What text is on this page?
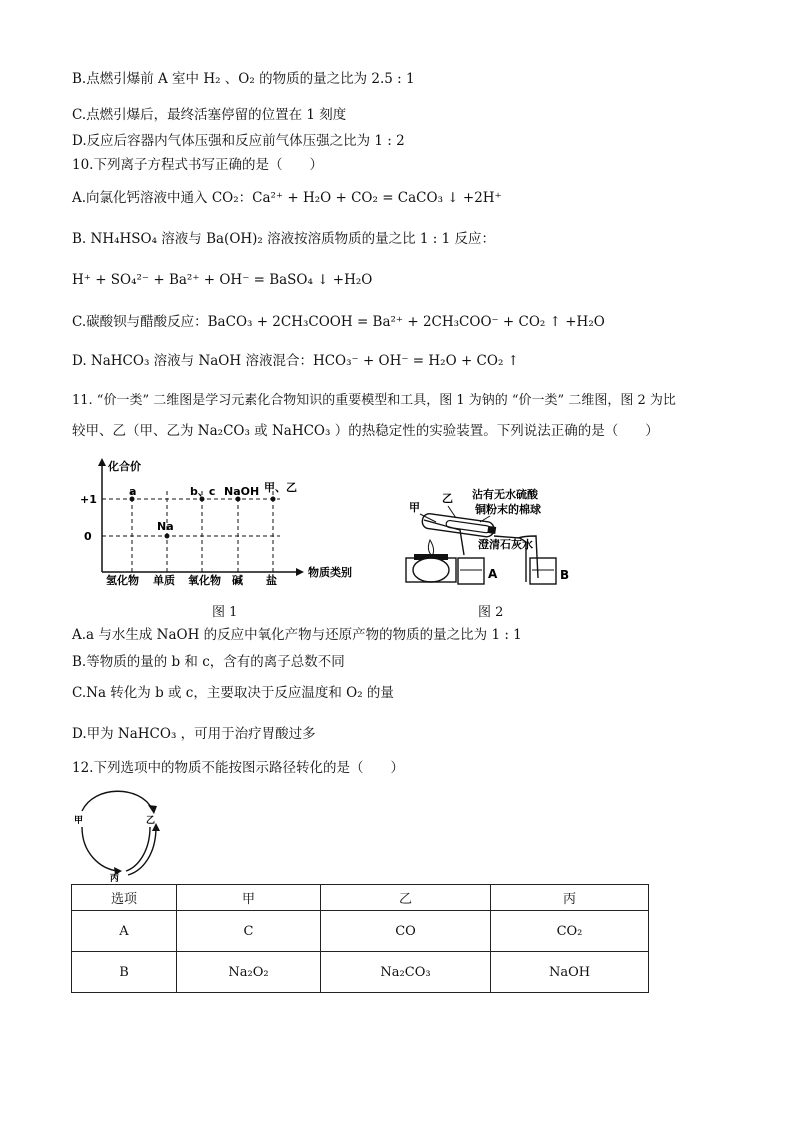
B.点燃引爆前 A 室中 H₂ 、O₂ 的物质的量之比为 2.5 : 1
C.点燃引爆后，最终活塞停留的位置在 1 刻度
D.反应后容器内气体压强和反应前气体压强之比为 1 : 2
10.下列离子方程式书写正确的是（　　）
A.向氯化钙溶液中通入 CO₂：Ca²⁺ + H₂O + CO₂ = CaCO₃ ↓ +2H⁺
B. NH₄HSO₄ 溶液与 Ba(OH)₂ 溶液按溶质物质的量之比 1 : 1 反应：
H⁺ + SO₄²⁻ + Ba²⁺ + OH⁻ = BaSO₄ ↓ +H₂O
C.碳酸钡与醋酸反应：BaCO₃ + 2CH₃COOH = Ba²⁺ + 2CH₃COO⁻ + CO₂ ↑ +H₂O
D. NaHCO₃ 溶液与 NaOH 溶液混合：HCO₃⁻ + OH⁻ = H₂O + CO₂ ↑
11. “价一类” 二维图是学习元素化合物知识的重要模型和工具，图 1 为钠的 “价一类” 二维图，图 2 为比
较甲、乙（甲、乙为 Na₂CO₃ 或 NaHCO₃ ）的热稳定性的实验装置。下列说法正确的是（　　）
化合价
物质类别
+1
0
a	b、c NaOH 甲、乙
Na
氢化物 单质 氧化物 碱 盐
图 1
甲
乙 沾有无水硫酸
铜粉末的棉球
澄清石灰水
A	B
图 2
A.a 与水生成 NaOH 的反应中氧化产物与还原产物的物质的量之比为 1 : 1
B.等物质的量的 b 和 c，含有的离子总数不同
C.Na 转化为 b 或 c，主要取决于反应温度和 O₂ 的量
D.甲为 NaHCO₃ ，可用于治疗胃酸过多
12.下列选项中的物质不能按图示路径转化的是（　　）
甲	乙
丙
选项	甲	乙	丙
A	C	CO	CO₂
B	Na₂O₂	Na₂CO₃	NaOH
